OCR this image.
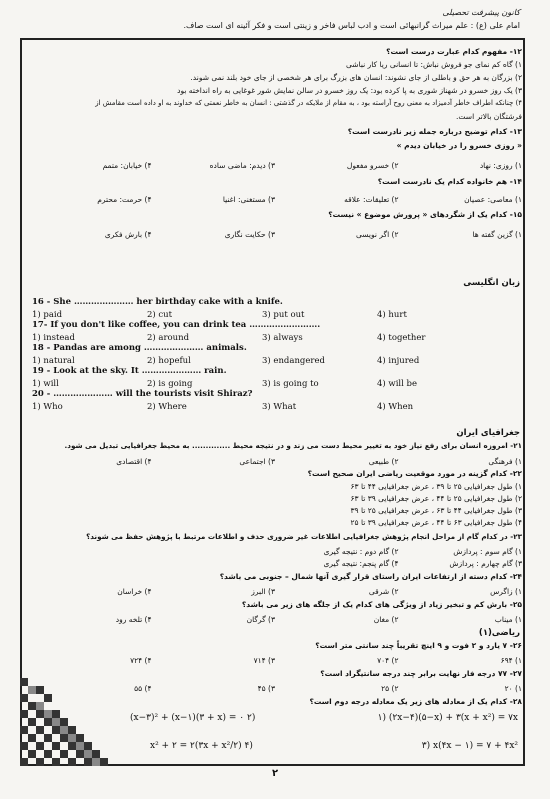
کانون پیشرفت تحصیلی
امام علی (ع) : علم میراث گرانبهائی است و ادب لباس فاخر و زینتی است و فکر آئینه ای است صاف.
۱۲- مفهوم کدام عبارت درست است؟
۱) گاه کم نمای جو فروش نباش: تا انسانی ریا کار نباشی
۲) بزرگان به هر حق و باطلی از جای نشوند: انسان های بزرگ برای هر شخصی از جای خود بلند نمی شوند.
۳) یک روز خسرو در شهناز شوری به پا کرده بود: یک روز خسرو در سالن نمایش شور غوغایی به راه انداخته بود
۴) چنانکه اطراف خاطر آدمیزاد به معنی روح آراسته بود ، به مقام از ملایکه در گذشتی : انسان به خاطر نعمتی که خداوند به او داده است مقامش از
فرشتگان بالاتر است.
۱۳- کدام توضیح درباره جمله زیر نادرست است؟
« روزی خسرو را در خیابان دیدم »
۱) روزی: نهاد
۲) خسرو مفعول
۳) دیدم: ماضی ساده
۴) خیابان: متمم
۱۴- هم خانواده کدام یک نادرست است؟
۱) معاصی: عصیان
۲) تعلیقات: علاقه
۳) مستغنی: اغنیا
۴) حرمت: محترم
۱۵- کدام یک از شگردهای « پرورش موضوع » نیست؟
۱) گزین گفته ها
۲) اگر نویسی
۳) حکایت نگاری
۴) بارش فکری
زبان انگلیسی
16 - She ………………… her birthday cake with a knife.
1) paid	2) cut	3) put out	4) hurt
17- If you don't like coffee, you can drink tea …………………….
1) instead	2) around	3) always	4) together
18 - Pandas are among ………………… animals.
1) natural	2) hopeful	3) endangered	4) injured
19 - Look at the sky. It ………………… rain.
1) will	2) is going	3) is going to	4) will be
20 - ………………… will the tourists visit Shiraz?
1) Who	2) Where	3) What	4) When
جغرافیای ایران
۲۱- امروزه انسان برای رفع نیاز خود به تغییر محیط دست می زند و در نتیجه محیط .............. به محیط جغرافیایی تبدیل می شود.
۱) فرهنگی
۲) طبیعی
۳) اجتماعی
۴) اقتصادی
۲۲- کدام گزینه در مورد موقعیت ریاضی ایران صحیح است؟
۱) طول جغرافیایی ۲۵ تا ۳۹ ، عرض جغرافیایی ۴۴ تا ۶۳
۲) طول جغرافیایی ۲۵ تا ۴۴ ، عرض جغرافیایی ۳۹ تا ۶۳
۳) طول جغرافیایی ۴۴ تا ۶۳ ، عرض جغرافیایی ۲۵ تا ۳۹
۴) طول جغرافیایی ۶۳ تا ۴۴ ، عرض جغرافیایی ۳۹ تا ۲۵
۲۳- در کدام گام از مراحل انجام پژوهش جغرافیایی اطلاعات غیر ضروری حذف و اطلاعات مرتبط با پژوهش حفظ می شوند؟
۱) گام سوم : پردازش
۲) گام دوم : نتیجه گیری
۳) گام چهارم : پردازش
۴) گام پنجم: نتیجه گیری
۲۴- کدام دسته از ارتفاعات ایران راستای قرار گیری آنها شمال – جنوبی می باشد؟
۱) زاگرس
۲) شرقی
۳) البرز
۴) خراسان
۲۵- بارش کم و تبخیر زیاد از ویژگی های کدام یک از جلگه های زیر می باشد؟
۱) میناب
۲) مغان
۳) گرگان
۴) تلخه رود
ریاضی(۱)
۲۶- ۷ یارد و ۲ فوت و ۹ اینچ تقریباً چند سانتی متر است؟
۱) ۶۹۴
۲) ۷۰۴
۳) ۷۱۴
۴) ۷۲۴
۲۷- ۷۷ درجه فار نهایت برابر چند درجه سانتیگراد است؟
۱) ۲۰
۲) ۲۵
۳) ۴۵
۴) ۵۵
۲۸- کدام یک از معادله های زیر یک معادله درجه دوم است؟
۱) (۲x−۴)(۵−x) + ۳(x + x²) = ۷x
(x−۳)² + (x−۱)(۳ + x) = ۰ ۲)
۳) x(۴x − ۱) = ۷ + ۴x²
x² + ۲ = ۲(۳x + x²/۲) ۴)
۲
